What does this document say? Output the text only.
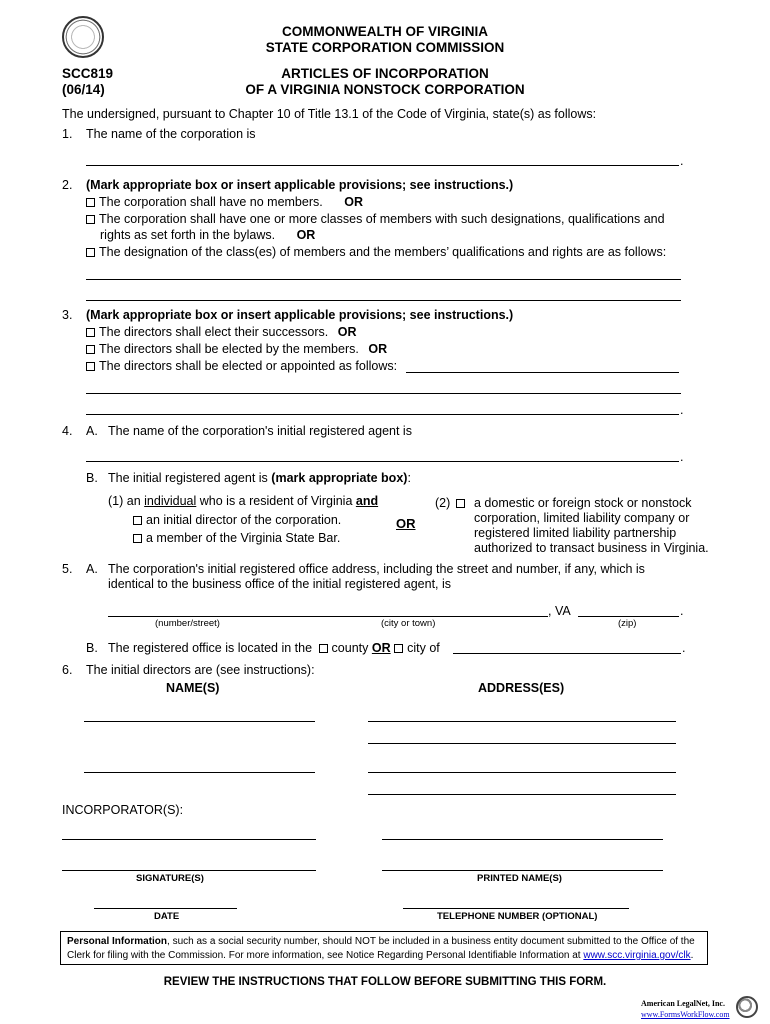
COMMONWEALTH OF VIRGINIA
STATE CORPORATION COMMISSION
SCC819
(06/14)
ARTICLES OF INCORPORATION
OF A VIRGINIA NONSTOCK CORPORATION
The undersigned, pursuant to Chapter 10 of Title 13.1 of the Code of Virginia, state(s) as follows:
1. The name of the corporation is
.
2. (Mark appropriate box or insert applicable provisions; see instructions.)
The corporation shall have no members. OR
The corporation shall have one or more classes of members with such designations, qualifications and
rights as set forth in the bylaws. OR
The designation of the class(es) of members and the members’ qualifications and rights are as follows:
3. (Mark appropriate box or insert applicable provisions; see instructions.)
The directors shall elect their successors. OR
The directors shall be elected by the members. OR
The directors shall be elected or appointed as follows:
.
4. A. The name of the corporation's initial registered agent is
.
B. The initial registered agent is (mark appropriate box):
(1) an individual who is a resident of Virginia and
an initial director of the corporation.
a member of the Virginia State Bar.
OR
(2)	a domestic or foreign stock or nonstock
corporation, limited liability company or
registered limited liability partnership
authorized to transact business in Virginia.
5. A. The corporation's initial registered office address, including the street and number, if any, which is
identical to the business office of the initial registered agent, is
, VA	.
(number/street)	(city or town)	(zip)
B. The registered office is located in the county OR city of	.
6. The initial directors are (see instructions):
NAME(S)	ADDRESS(ES)
INCORPORATOR(S):
SIGNATURE(S)	PRINTED NAME(S)
DATE	TELEPHONE NUMBER (OPTIONAL)
Personal Information, such as a social security number, should NOT be included in a business entity document submitted to the Office of the Clerk for filing with the Commission. For more information, see Notice Regarding Personal Identifiable Information at www.scc.virginia.gov/clk.
REVIEW THE INSTRUCTIONS THAT FOLLOW BEFORE SUBMITTING THIS FORM.
American LegalNet, Inc.
www.FormsWorkFlow.com
